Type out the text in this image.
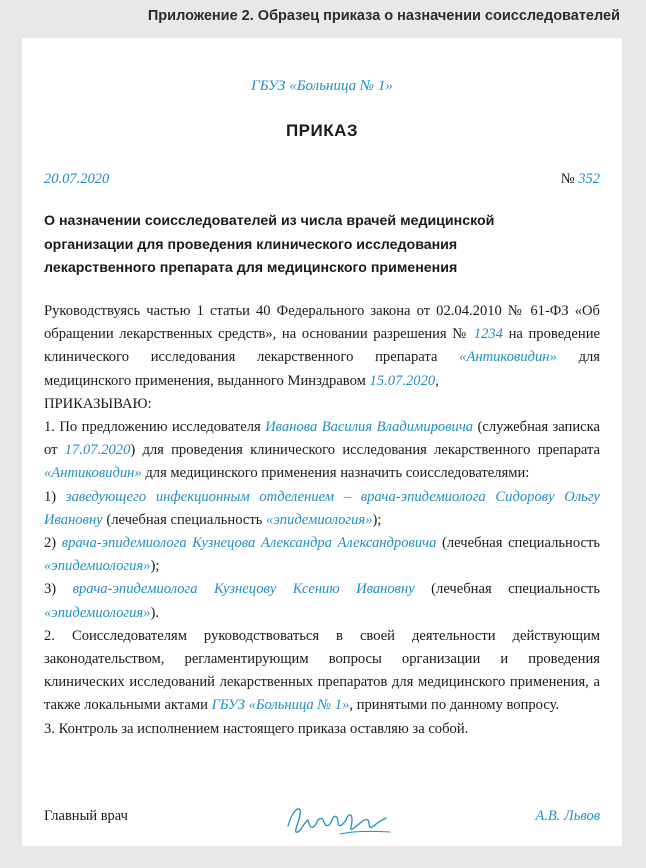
Приложение 2. Образец приказа о назначении соисследователей
ГБУЗ «Больница № 1»
ПРИКАЗ
20.07.2020	№ 352
О назначении соисследователей из числа врачей медицинской организации для проведения клинического исследования лекарственного препарата для медицинского применения

Руководствуясь частью 1 статьи 40 Федерального закона от 02.04.2010 № 61-ФЗ «Об обращении лекарственных средств», на основании разрешения № 1234 на проведение клинического исследования лекарственного препарата «Антиковидин» для медицинского применения, выданного Минздравом 15.07.2020,

ПРИКАЗЫВАЮ:

1. По предложению исследователя Иванова Василия Владимировича (служебная записка от 17.07.2020) для проведения клинического исследования лекарственного препарата «Антиковидин» для медицинского применения назначить соисследователями:

1) заведующего инфекционным отделением – врача-эпидемиолога Сидорову Ольгу Ивановну (лечебная специальность «эпидемиология»);

2) врача-эпидемиолога Кузнецова Александра Александровича (лечебная специальность «эпидемиология»);

3) врача-эпидемиолога Кузнецову Ксению Ивановну (лечебная специальность «эпидемиология»).

2. Соисследователям руководствоваться в своей деятельности действующим законодательством, регламентирующим вопросы организации и проведения клинических исследований лекарственных препаратов для медицинского применения, а также локальными актами ГБУЗ «Больница № 1», принятыми по данному вопросу.

3. Контроль за исполнением настоящего приказа оставляю за собой.

Главный врач	А.В. Львов
